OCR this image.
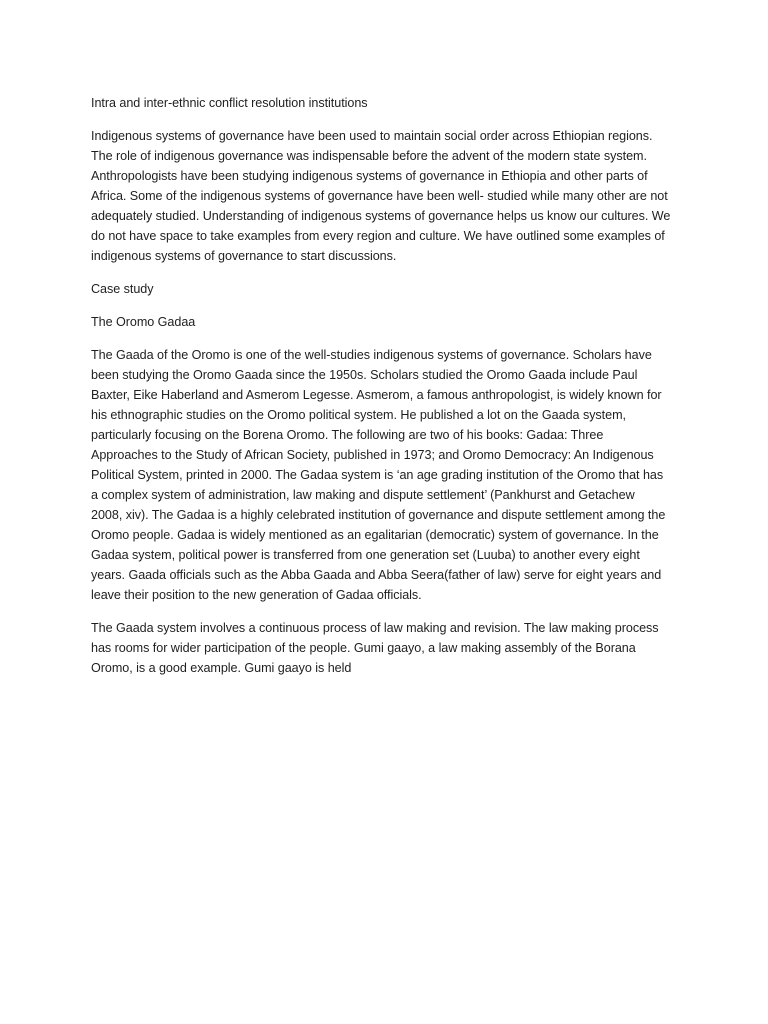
Intra and inter-ethnic conflict resolution institutions
Indigenous systems of governance have been used to maintain social order across Ethiopian regions.
The role of indigenous governance was indispensable before the advent of the modern state system.
Anthropologists have been studying indigenous systems of governance in Ethiopia and other parts of
Africa. Some of the indigenous systems of governance have been well- studied while many other are not
adequately studied. Understanding of indigenous systems of governance helps us know our cultures. We
do not have space to take examples from every region and culture. We have outlined some examples of
indigenous systems of governance to start discussions.
Case study
The Oromo Gadaa
The Gaada of the Oromo is one of the well-studies indigenous systems of governance. Scholars have
been studying the Oromo Gaada since the 1950s. Scholars studied the Oromo Gaada include Paul
Baxter, Eike Haberland and Asmerom Legesse. Asmerom, a famous anthropologist, is widely known for
his ethnographic studies on the Oromo political system. He published a lot on the Gaada system,
particularly focusing on the Borena Oromo. The following are two of his books: Gadaa: Three
Approaches to the Study of African Society, published in 1973; and Oromo Democracy: An Indigenous
Political System, printed in 2000. The Gadaa system is ‘an age grading institution of the Oromo that has
a complex system of administration, law making and dispute settlement’ (Pankhurst and Getachew
2008, xiv). The Gadaa is a highly celebrated institution of governance and dispute settlement among the
Oromo people. Gadaa is widely mentioned as an egalitarian (democratic) system of governance. In the
Gadaa system, political power is transferred from one generation set (Luuba) to another every eight
years. Gaada officials such as the Abba Gaada and Abba Seera(father of law) serve for eight years and
leave their position to the new generation of Gadaa officials.
The Gaada system involves a continuous process of law making and revision. The law making process
has rooms for wider participation of the people. Gumi gaayo, a law making assembly of the Borana
Oromo, is a good example. Gumi gaayo is held
